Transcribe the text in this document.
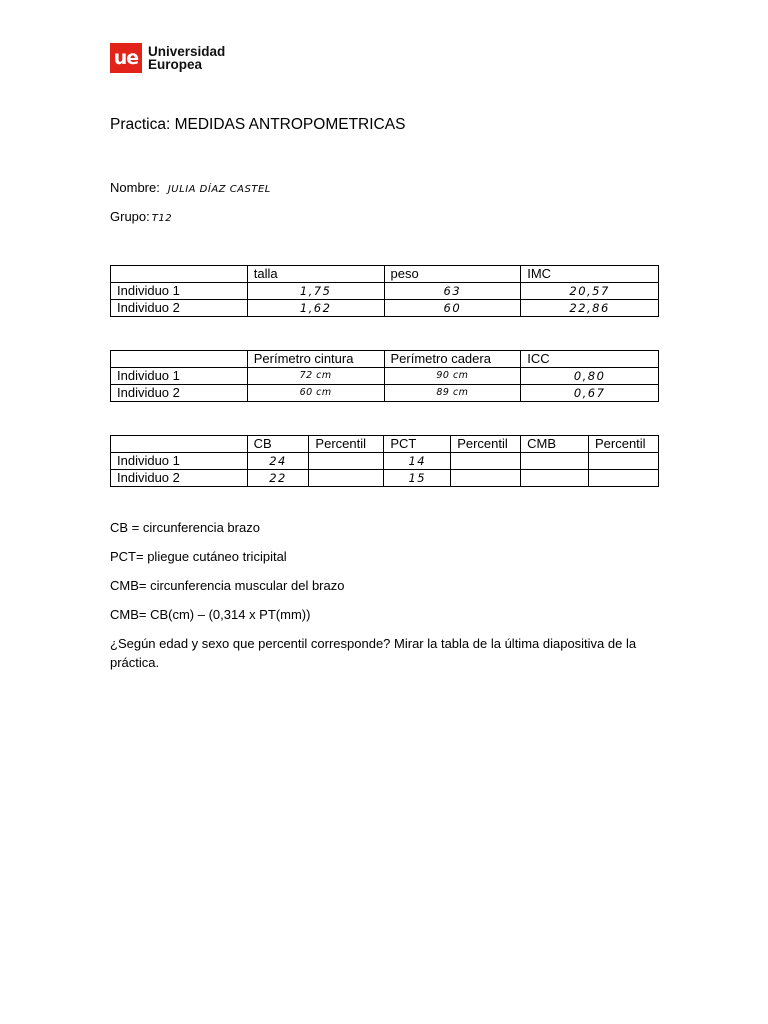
ue Universidad
Europea
Practica: MEDIDAS ANTROPOMETRICAS
Nombre: JULIA DÍAZ CASTEL
Grupo: T12
	talla	peso	IMC
Individuo 1	1,75	63	20,57
Individuo 2	1,62	60	22,86
	Perímetro cintura	Perímetro cadera	ICC
Individuo 1	72 cm	90 cm	0,80
Individuo 2	60 cm	89 cm	0,67
	CB	Percentil	PCT	Percentil	CMB	Percentil
Individuo 1	24		14			
Individuo 2	22		15			
CB = circunferencia brazo
PCT= pliegue cutáneo tricipital
CMB= circunferencia muscular del brazo
CMB= CB(cm) – (0,314 x PT(mm))
¿Según edad y sexo que percentil corresponde? Mirar la tabla de la última diapositiva de la práctica.
